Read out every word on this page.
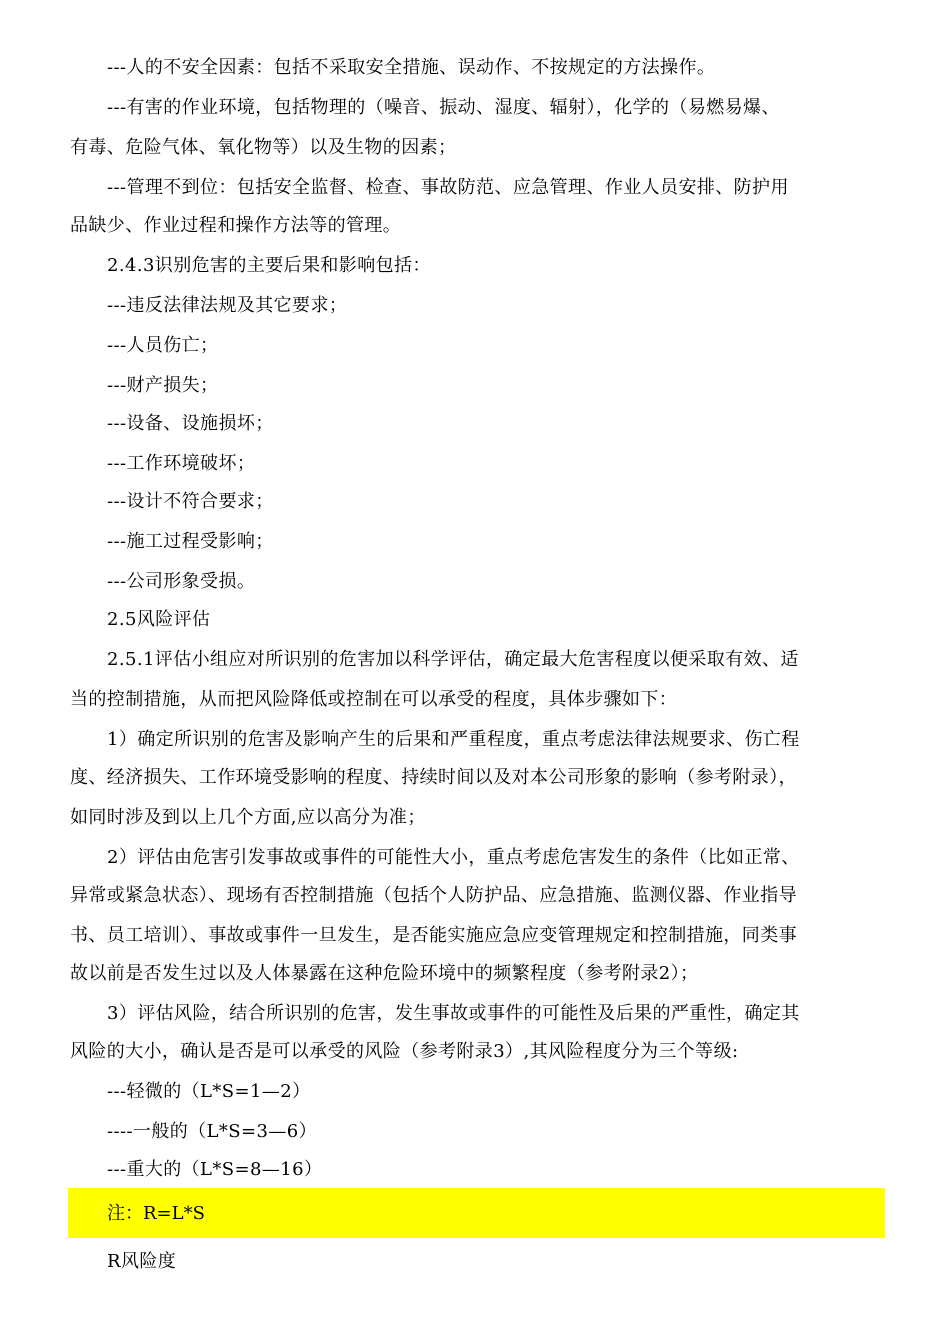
---人的不安全因素：包括不采取安全措施、误动作、不按规定的方法操作。
---有害的作业环境，包括物理的（噪音、振动、湿度、辐射），化学的（易燃易爆、
有毒、危险气体、氧化物等）以及生物的因素；
---管理不到位：包括安全监督、检查、事故防范、应急管理、作业人员安排、防护用
品缺少、作业过程和操作方法等的管理。
2.4.3识别危害的主要后果和影响包括：
---违反法律法规及其它要求；
---人员伤亡；
---财产损失；
---设备、设施损坏；
---工作环境破坏；
---设计不符合要求；
---施工过程受影响；
---公司形象受损。
2.5风险评估
2.5.1评估小组应对所识别的危害加以科学评估，确定最大危害程度以便采取有效、适
当的控制措施，从而把风险降低或控制在可以承受的程度，具体步骤如下：
1）确定所识别的危害及影响产生的后果和严重程度，重点考虑法律法规要求、伤亡程
度、经济损失、工作环境受影响的程度、持续时间以及对本公司形象的影响（参考附录），
如同时涉及到以上几个方面,应以高分为准；
2）评估由危害引发事故或事件的可能性大小，重点考虑危害发生的条件（比如正常、
异常或紧急状态）、现场有否控制措施（包括个人防护品、应急措施、监测仪器、作业指导
书、员工培训）、事故或事件一旦发生，是否能实施应急应变管理规定和控制措施，同类事
故以前是否发生过以及人体暴露在这种危险环境中的频繁程度（参考附录2）；
3）评估风险，结合所识别的危害，发生事故或事件的可能性及后果的严重性，确定其
风险的大小，确认是否是可以承受的风险（参考附录3）,其风险程度分为三个等级:
---轻微的（L*S=1—2）
----一般的（L*S=3—6）
---重大的（L*S=8—16）
注：R=L*S
R风险度
